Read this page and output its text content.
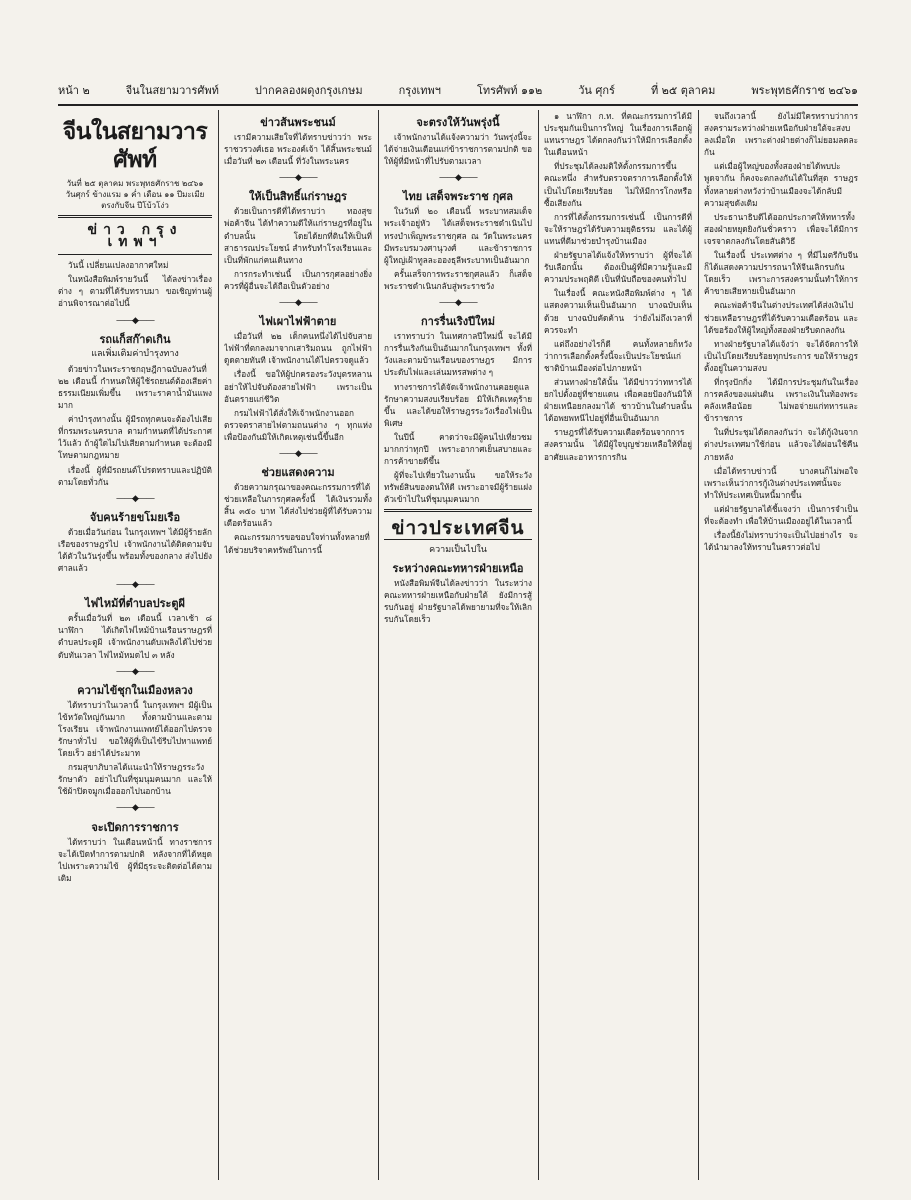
หน้า ๒	จีนในสยามวารศัพท์	ปากคลองผดุงกรุงเกษม	กรุงเทพฯ	โทรศัพท์ ๑๑๒	วัน ศุกร์	ที่ ๒๕ ตุลาคม	พระพุทธศักราช ๒๔๖๑
จีนในสยามวารศัพท์
วันที่ ๒๕ ตุลาคม พระพุทธศักราช ๒๔๖๑
วันศุกร์ ข้างแรม ๑ ค่ำ เดือน ๑๑ ปีมะเมีย
ตรงกับจีน ปีโบ้วโง่ว
ข่าว กรุง เทพฯ

วันนี้ เปลี่ยนแปลงอากาศใหม่

ในหนังสือพิมพ์รายวันนี้ ได้ลงข่าวเรื่องต่าง ๆ ตามที่ได้รับทราบมา ขอเชิญท่านผู้อ่านพิจารณาต่อไปนี้

——◆——
รถแก็สก๊าดเกิน
แลเพิ่มเติมค่าบำรุงทาง

ด้วยข่าวในพระราชกฤษฎีกาฉบับลงวันที่ ๒๒ เดือนนี้ กำหนดให้ผู้ใช้รถยนต์ต้องเสียค่าธรรมเนียมเพิ่มขึ้น เพราะราคาน้ำมันแพงมาก

ค่าบำรุงทางนั้น ผู้มีรถทุกคนจะต้องไปเสียที่กรมพระนครบาล ตามกำหนดที่ได้ประกาศไว้แล้ว ถ้าผู้ใดไม่ไปเสียตามกำหนด จะต้องมีโทษตามกฎหมาย

เรื่องนี้ ผู้ที่มีรถยนต์โปรดทราบและปฏิบัติตามโดยทั่วกัน

——◆——
จับคนร้ายขโมยเรือ

ด้วยเมื่อวันก่อน ในกรุงเทพฯ ได้มีผู้ร้ายลักเรือของราษฎรไป เจ้าพนักงานได้ติดตามจับได้ตัวในวันรุ่งขึ้น พร้อมทั้งของกลาง ส่งไปยังศาลแล้ว

——◆——
ไฟไหม้ที่ตำบลประตูผี

ครั้นเมื่อวันที่ ๒๓ เดือนนี้ เวลาเช้า ๘ นาฬิกา ได้เกิดไฟไหม้บ้านเรือนราษฎรที่ตำบลประตูผี เจ้าพนักงานดับเพลิงได้ไปช่วยดับทันเวลา ไฟไหม้หมดไป ๓ หลัง

——◆——
ความไข้ชุกในเมืองหลวง

ได้ทราบว่าในเวลานี้ ในกรุงเทพฯ มีผู้เป็นไข้หวัดใหญ่กันมาก ทั้งตามบ้านและตามโรงเรียน เจ้าพนักงานแพทย์ได้ออกไปตรวจรักษาทั่วไป ขอให้ผู้ที่เป็นไข้รีบไปหาแพทย์โดยเร็ว อย่าได้ประมาท

กรมสุขาภิบาลได้แนะนำให้ราษฎรระวังรักษาตัว อย่าไปในที่ชุมนุมคนมาก และให้ใช้ผ้าปิดจมูกเมื่อออกไปนอกบ้าน

——◆——
จะเปิดการราชการ

ได้ทราบว่า ในเดือนหน้านี้ ทางราชการจะได้เปิดทำการตามปกติ หลังจากที่ได้หยุดไปเพราะความไข้ ผู้ที่มีธุระจะติดต่อได้ตามเดิม

ข่าวส้นพระชนม์

เรามีความเสียใจที่ได้ทราบข่าวว่า พระราชวรวงศ์เธอ พระองค์เจ้า ได้สิ้นพระชนม์เมื่อวันที่ ๒๓ เดือนนี้ ที่วังในพระนคร

——◆——
ให้เป็นสิทธิ์แก่ราษฎร

ด้วยเป็นการดีที่ได้ทราบว่า ทองสุข พ่อค้าจีน ได้ทำความดีให้แก่ราษฎรที่อยู่ในตำบลนั้น โดยได้ยกที่ดินให้เป็นที่สาธารณประโยชน์ สำหรับทำโรงเรียนและเป็นที่พักแก่คนเดินทาง

การกระทำเช่นนี้ เป็นการกุศลอย่างยิ่ง ควรที่ผู้อื่นจะได้ถือเป็นตัวอย่าง

——◆——
ไฟเผาไฟฟ้าตาย

เมื่อวันที่ ๒๒ เด็กคนหนึ่งได้ไปจับสายไฟฟ้าที่ตกลงมาจากเสาริมถนน ถูกไฟฟ้าดูดตายทันที เจ้าพนักงานได้ไปตรวจดูแล้ว

เรื่องนี้ ขอให้ผู้ปกครองระวังบุตรหลานอย่าให้ไปจับต้องสายไฟฟ้า เพราะเป็นอันตรายแก่ชีวิต

กรมไฟฟ้าได้สั่งให้เจ้าพนักงานออกตรวจตราสายไฟตามถนนต่าง ๆ ทุกแห่ง เพื่อป้องกันมิให้เกิดเหตุเช่นนี้ขึ้นอีก

——◆——
ช่วยแสดงความ

ด้วยความกรุณาของคณะกรรมการที่ได้ช่วยเหลือในการกุศลครั้งนี้ ได้เงินรวมทั้งสิ้น ๓๕๐ บาท ได้ส่งไปช่วยผู้ที่ได้รับความเดือดร้อนแล้ว

คณะกรรมการขอขอบใจท่านทั้งหลายที่ได้ช่วยบริจาคทรัพย์ในการนี้

จะตรงให้วันพรุ่งนี้

เจ้าพนักงานได้แจ้งความว่า วันพรุ่งนี้จะได้จ่ายเงินเดือนแก่ข้าราชการตามปกติ ขอให้ผู้ที่มีหน้าที่ไปรับตามเวลา

——◆——
ไทย เสด็จพระราช กุศล

ในวันที่ ๒๐ เดือนนี้ พระบาทสมเด็จพระเจ้าอยู่หัว ได้เสด็จพระราชดำเนินไปทรงบำเพ็ญพระราชกุศล ณ วัดในพระนคร มีพระบรมวงศานุวงศ์ และข้าราชการผู้ใหญ่เฝ้าทูลละอองธุลีพระบาทเป็นอันมาก

ครั้นเสร็จการพระราชกุศลแล้ว ก็เสด็จพระราชดำเนินกลับสู่พระราชวัง

——◆——
การรื่นเริงปีใหม่

เราทราบว่า ในเทศกาลปีใหม่นี้ จะได้มีการรื่นเริงกันเป็นอันมากในกรุงเทพฯ ทั้งที่วังและตามบ้านเรือนของราษฎร มีการประดับไฟและเล่นมหรสพต่าง ๆ

ทางราชการได้จัดเจ้าพนักงานคอยดูแลรักษาความสงบเรียบร้อย มิให้เกิดเหตุร้ายขึ้น และได้ขอให้ราษฎรระวังเรื่องไฟเป็นพิเศษ

ในปีนี้ คาดว่าจะมีผู้คนไปเที่ยวชมมากกว่าทุกปี เพราะอากาศเย็นสบายและการค้าขายดีขึ้น

ผู้ที่จะไปเที่ยวในงานนั้น ขอให้ระวังทรัพย์สินของตนให้ดี เพราะอาจมีผู้ร้ายแฝงตัวเข้าไปในที่ชุมนุมคนมาก

ข่าวประเทศจีน
ความเป็นไปใน
ระหว่างคณะทหารฝ่ายเหนือ

หนังสือพิมพ์จีนได้ลงข่าวว่า ในระหว่างคณะทหารฝ่ายเหนือกับฝ่ายใต้ ยังมีการสู้รบกันอยู่ ฝ่ายรัฐบาลได้พยายามที่จะให้เลิกรบกันโดยเร็ว

๑ นาฬิกา ก.ท. ที่คณะกรรมการได้มีประชุมกันเป็นการใหญ่ ในเรื่องการเลือกผู้แทนราษฎร ได้ตกลงกันว่าให้มีการเลือกตั้งในเดือนหน้า

ที่ประชุมได้ลงมติให้ตั้งกรรมการขึ้นคณะหนึ่ง สำหรับตรวจตราการเลือกตั้งให้เป็นไปโดยเรียบร้อย ไม่ให้มีการโกงหรือซื้อเสียงกัน

การที่ได้ตั้งกรรมการเช่นนี้ เป็นการดีที่จะให้ราษฎรได้รับความยุติธรรม และได้ผู้แทนที่ดีมาช่วยบำรุงบ้านเมือง

ฝ่ายรัฐบาลได้แจ้งให้ทราบว่า ผู้ที่จะได้รับเลือกนั้น ต้องเป็นผู้ที่มีความรู้และมีความประพฤติดี เป็นที่นับถือของคนทั่วไป

ในเรื่องนี้ คณะหนังสือพิมพ์ต่าง ๆ ได้แสดงความเห็นเป็นอันมาก บางฉบับเห็นด้วย บางฉบับคัดค้าน ว่ายังไม่ถึงเวลาที่ควรจะทำ

แต่ถึงอย่างไรก็ดี คนทั้งหลายก็หวังว่าการเลือกตั้งครั้งนี้จะเป็นประโยชน์แก่ชาติบ้านเมืองต่อไปภายหน้า

ส่วนทางฝ่ายใต้นั้น ได้มีข่าวว่าทหารได้ยกไปตั้งอยู่ที่ชายแดน เพื่อคอยป้องกันมิให้ฝ่ายเหนือยกลงมาได้ ชาวบ้านในตำบลนั้นได้อพยพหนีไปอยู่ที่อื่นเป็นอันมาก

ราษฎรที่ได้รับความเดือดร้อนจากการสงครามนั้น ได้มีผู้ใจบุญช่วยเหลือให้ที่อยู่อาศัยและอาหารการกิน

จนถึงเวลานี้ ยังไม่มีใครทราบว่าการสงครามระหว่างฝ่ายเหนือกับฝ่ายใต้จะสงบลงเมื่อใด เพราะต่างฝ่ายต่างก็ไม่ยอมลดละกัน

แต่เมื่อผู้ใหญ่ของทั้งสองฝ่ายได้พบปะพูดจากัน ก็คงจะตกลงกันได้ในที่สุด ราษฎรทั้งหลายต่างหวังว่าบ้านเมืองจะได้กลับมีความสุขดังเดิม

ประธานาธิบดีได้ออกประกาศให้ทหารทั้งสองฝ่ายหยุดยิงกันชั่วคราว เพื่อจะได้มีการเจรจาตกลงกันโดยสันติวิธี

ในเรื่องนี้ ประเทศต่าง ๆ ที่มีไมตรีกับจีนก็ได้แสดงความปรารถนาให้จีนเลิกรบกันโดยเร็ว เพราะการสงครามนั้นทำให้การค้าขายเสียหายเป็นอันมาก

คณะพ่อค้าจีนในต่างประเทศได้ส่งเงินไปช่วยเหลือราษฎรที่ได้รับความเดือดร้อน และได้ขอร้องให้ผู้ใหญ่ทั้งสองฝ่ายรีบตกลงกัน

ทางฝ่ายรัฐบาลได้แจ้งว่า จะได้จัดการให้เป็นไปโดยเรียบร้อยทุกประการ ขอให้ราษฎรตั้งอยู่ในความสงบ

ที่กรุงปักกิ่ง ได้มีการประชุมกันในเรื่องการคลังของแผ่นดิน เพราะเงินในท้องพระคลังเหลือน้อย ไม่พอจ่ายแก่ทหารและข้าราชการ

ในที่ประชุมได้ตกลงกันว่า จะได้กู้เงินจากต่างประเทศมาใช้ก่อน แล้วจะได้ผ่อนใช้คืนภายหลัง

เมื่อได้ทราบข่าวนี้ บางคนก็ไม่พอใจ เพราะเห็นว่าการกู้เงินต่างประเทศนั้นจะทำให้ประเทศเป็นหนี้มากขึ้น

แต่ฝ่ายรัฐบาลได้ชี้แจงว่า เป็นการจำเป็นที่จะต้องทำ เพื่อให้บ้านเมืองอยู่ได้ในเวลานี้

เรื่องนี้ยังไม่ทราบว่าจะเป็นไปอย่างไร จะได้นำมาลงให้ทราบในคราวต่อไป
